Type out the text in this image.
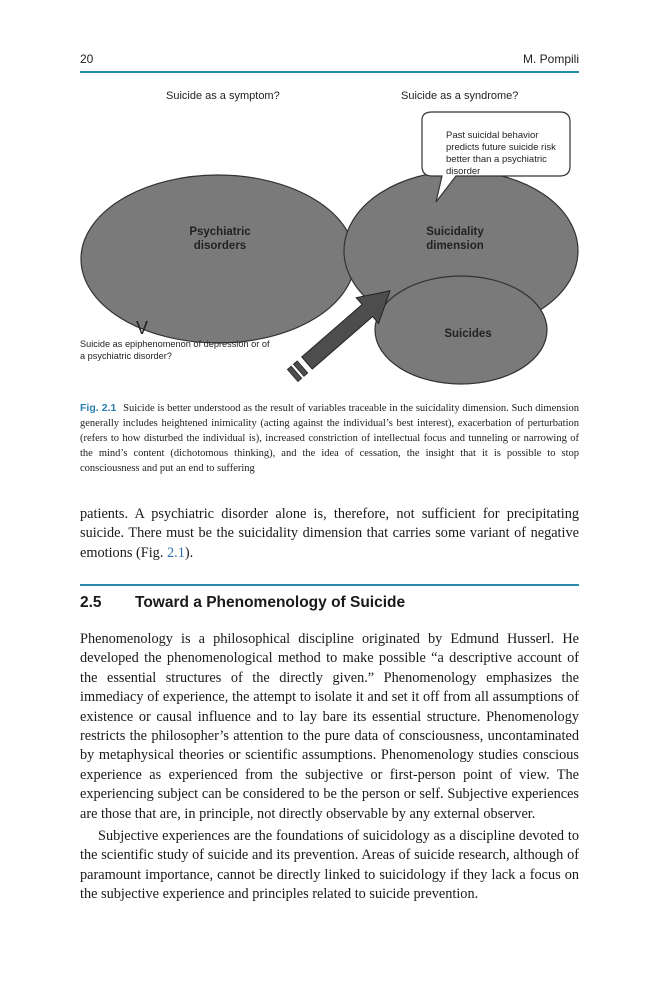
20	M. Pompili
Suicide as a symptom?	Suicide as a syndrome?
Psychiatric
disorders
Suicidality
dimension
Suicides
Past suicidal behavior
predicts future suicide risk
better than a psychiatric
disorder
V
Suicide as epiphenomenon of depression or of
a psychiatric disorder?
Fig. 2.1 Suicide is better understood as the result of variables traceable in the suicidality dimension. Such dimension generally includes heightened inimicality (acting against the individual’s best interest), exacerbation of perturbation (refers to how disturbed the individual is), increased constriction of intellectual focus and tunneling or narrowing of the mind’s content (dichotomous thinking), and the idea of cessation, the insight that it is possible to stop consciousness and put an end to suffering
patients. A psychiatric disorder alone is, therefore, not sufficient for precipitating suicide. There must be the suicidality dimension that carries some variant of negative emotions (Fig. 2.1).
2.5 Toward a Phenomenology of Suicide
Phenomenology is a philosophical discipline originated by Edmund Husserl. He developed the phenomenological method to make possible “a descriptive account of the essential structures of the directly given.” Phenomenology emphasizes the immediacy of experience, the attempt to isolate it and set it off from all assumptions of existence or causal influence and to lay bare its essential structure. Phenomenology restricts the philosopher’s attention to the pure data of consciousness, uncontaminated by metaphysical theories or scientific assumptions. Phenomenology studies conscious experience as experienced from the subjective or first-person point of view. The experiencing subject can be considered to be the person or self. Subjective experiences are those that are, in principle, not directly observable by any external observer.
Subjective experiences are the foundations of suicidology as a discipline devoted to the scientific study of suicide and its prevention. Areas of suicide research, although of paramount importance, cannot be directly linked to suicidology if they lack a focus on the subjective experience and principles related to suicide prevention.
